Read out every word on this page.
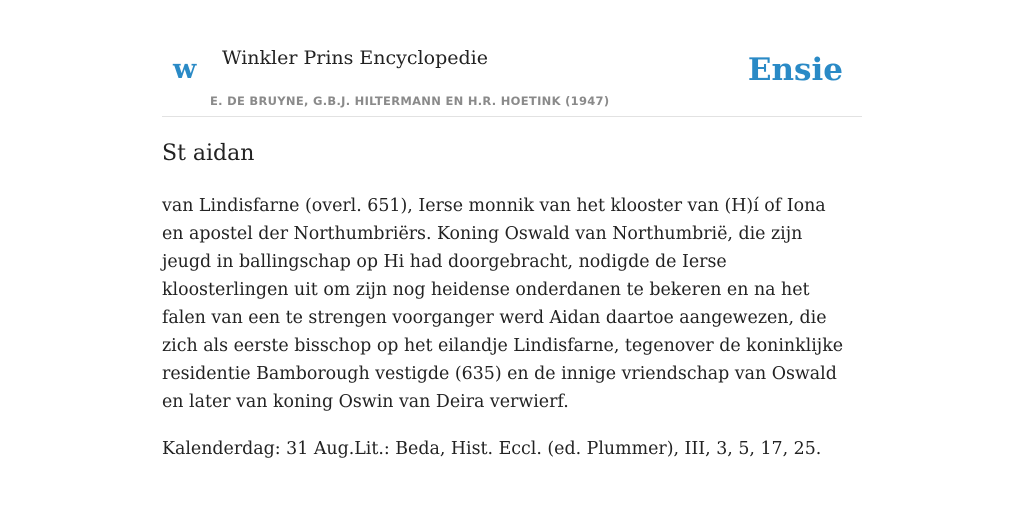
w Winkler Prins Encyclopedie
E. DE BRUYNE, G.B.J. HILTERMANN EN H.R. HOETINK (1947)
Ensie
St aidan

van Lindisfarne (overl. 651), Ierse monnik van het klooster van (H)í of Iona en apostel der Northumbriërs. Koning Oswald van Northumbrië, die zijn jeugd in ballingschap op Hi had doorgebracht, nodigde de Ierse kloosterlingen uit om zijn nog heidense onderdanen te bekeren en na het falen van een te strengen voorganger werd Aidan daartoe aangewezen, die zich als eerste bisschop op het eilandje Lindisfarne, tegenover de koninklijke residentie Bamborough vestigde (635) en de innige vriendschap van Oswald en later van koning Oswin van Deira verwierf.

Kalenderdag: 31 Aug.Lit.: Beda, Hist. Eccl. (ed. Plummer), III, 3, 5, 17, 25.
